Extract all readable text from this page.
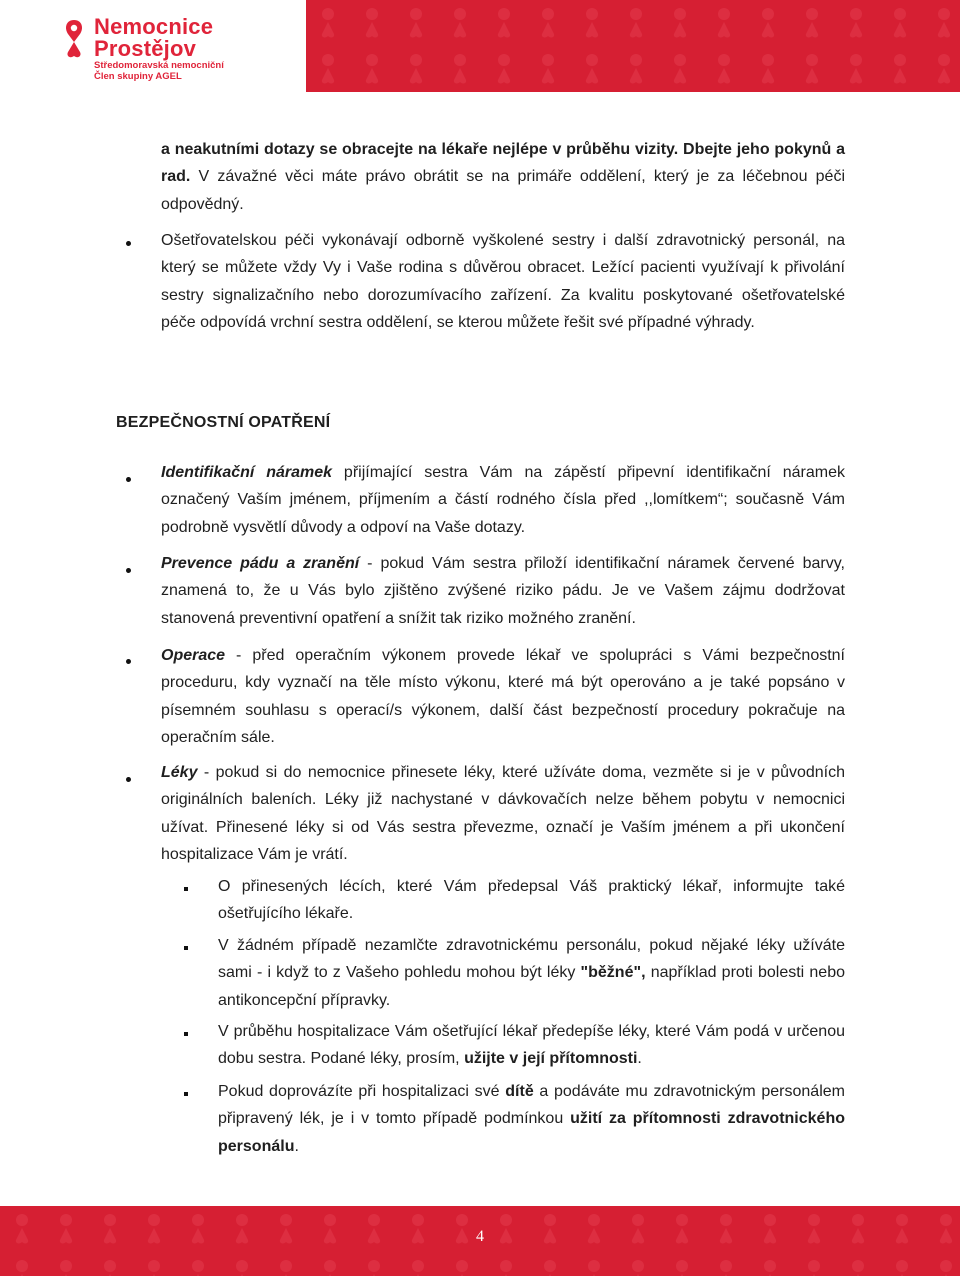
Nemocnice
Prostějov
Středomoravská nemocniční
Člen skupiny AGEL

a neakutními dotazy se obracejte na lékaře nejlépe v průběhu vizity. Dbejte jeho pokynů a rad. V závažné věci máte právo obrátit se na primáře oddělení, který je za léčebnou péči odpovědný.

Ošetřovatelskou péči vykonávají odborně vyškolené sestry i další zdravotnický personál, na který se můžete vždy Vy i Vaše rodina s důvěrou obracet. Ležící pacienti využívají k přivolání sestry signalizačního nebo dorozumívacího zařízení. Za kvalitu poskytované ošetřovatelské péče odpovídá vrchní sestra oddělení, se kterou můžete řešit své případné výhrady.

BEZPEČNOSTNÍ OPATŘENÍ

Identifikační náramek přijímající sestra Vám na zápěstí připevní identifikační náramek označený Vaším jménem, příjmením a částí rodného čísla před ,,lomítkem“; současně Vám podrobně vysvětlí důvody a odpoví na Vaše dotazy.

Prevence pádu a zranění - pokud Vám sestra přiloží identifikační náramek červené barvy, znamená to, že u Vás bylo zjištěno zvýšené riziko pádu. Je ve Vašem zájmu dodržovat stanovená preventivní opatření a snížit tak riziko možného zranění.

Operace - před operačním výkonem provede lékař ve spolupráci s Vámi bezpečnostní proceduru, kdy vyznačí na těle místo výkonu, které má být operováno a je také popsáno v písemném souhlasu s operací/s výkonem, další část bezpečností procedury pokračuje na operačním sále.

Léky - pokud si do nemocnice přinesete léky, které užíváte doma, vezměte si je v původních originálních baleních. Léky již nachystané v dávkovačích nelze během pobytu v nemocnici užívat. Přinesené léky si od Vás sestra převezme, označí je Vaším jménem a při ukončení hospitalizace Vám je vrátí.

O přinesených lécích, které Vám předepsal Váš praktický lékař, informujte také ošetřujícího lékaře.

V žádném případě nezamlčte zdravotnickému personálu, pokud nějaké léky užíváte sami - i když to z Vašeho pohledu mohou být léky "běžné", například proti bolesti nebo antikoncepční přípravky.

V průběhu hospitalizace Vám ošetřující lékař předepíše léky, které Vám podá v určenou dobu sestra. Podané léky, prosím, užijte v její přítomnosti.

Pokud doprovázíte při hospitalizaci své dítě a podáváte mu zdravotnickým personálem připravený lék, je i v tomto případě podmínkou užití za přítomnosti zdravotnického personálu.

4
